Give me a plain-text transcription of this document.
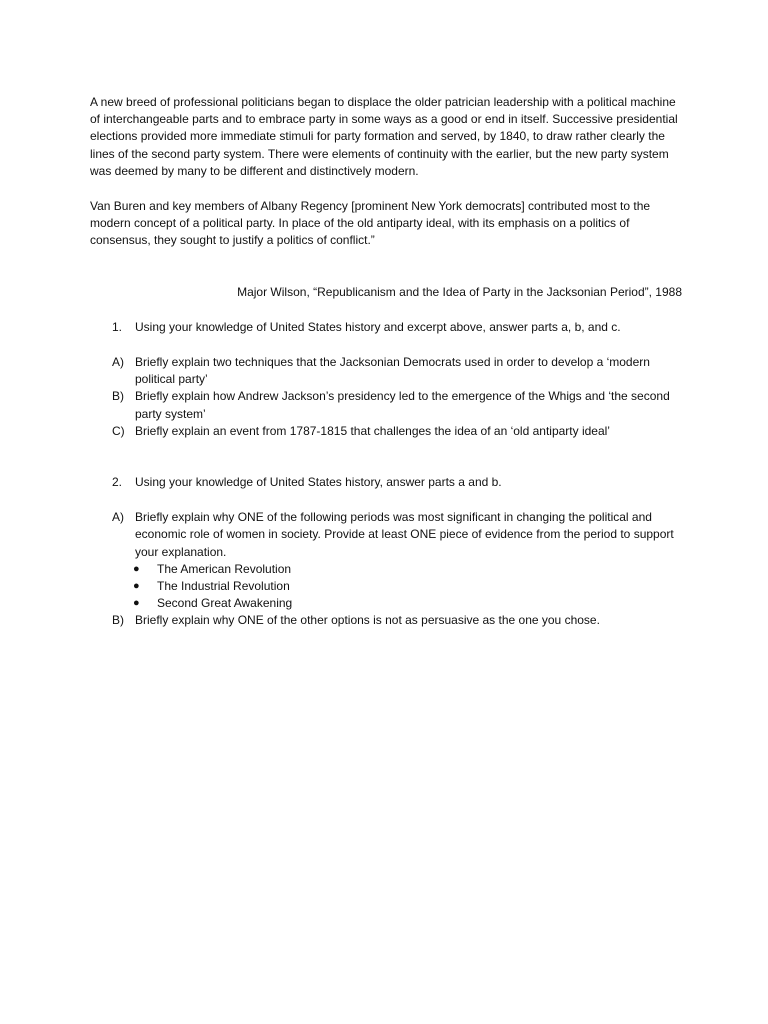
A new breed of professional politicians began to displace the older patrician leadership with a political machine of interchangeable parts and to embrace party in some ways as a good or end in itself. Successive presidential elections provided more immediate stimuli for party formation and served, by 1840, to draw rather clearly the lines of the second party system. There were elements of continuity with the earlier, but the new party system was deemed by many to be different and distinctively modern.

Van Buren and key members of Albany Regency [prominent New York democrats] contributed most to the modern concept of a political party. In place of the old antiparty ideal, with its emphasis on a politics of consensus, they sought to justify a politics of conflict.”

Major Wilson, “Republicanism and the Idea of Party in the Jacksonian Period”, 1988

1. Using your knowledge of United States history and excerpt above, answer parts a, b, and c.
A) Briefly explain two techniques that the Jacksonian Democrats used in order to develop a ‘modern political party’
B) Briefly explain how Andrew Jackson’s presidency led to the emergence of the Whigs and ‘the second party system’
C) Briefly explain an event from 1787-1815 that challenges the idea of an ‘old antiparty ideal’
2. Using your knowledge of United States history, answer parts a and b.
A) Briefly explain why ONE of the following periods was most significant in changing the political and economic role of women in society. Provide at least ONE piece of evidence from the period to support your explanation.
● The American Revolution
● The Industrial Revolution
● Second Great Awakening
B) Briefly explain why ONE of the other options is not as persuasive as the one you chose.
